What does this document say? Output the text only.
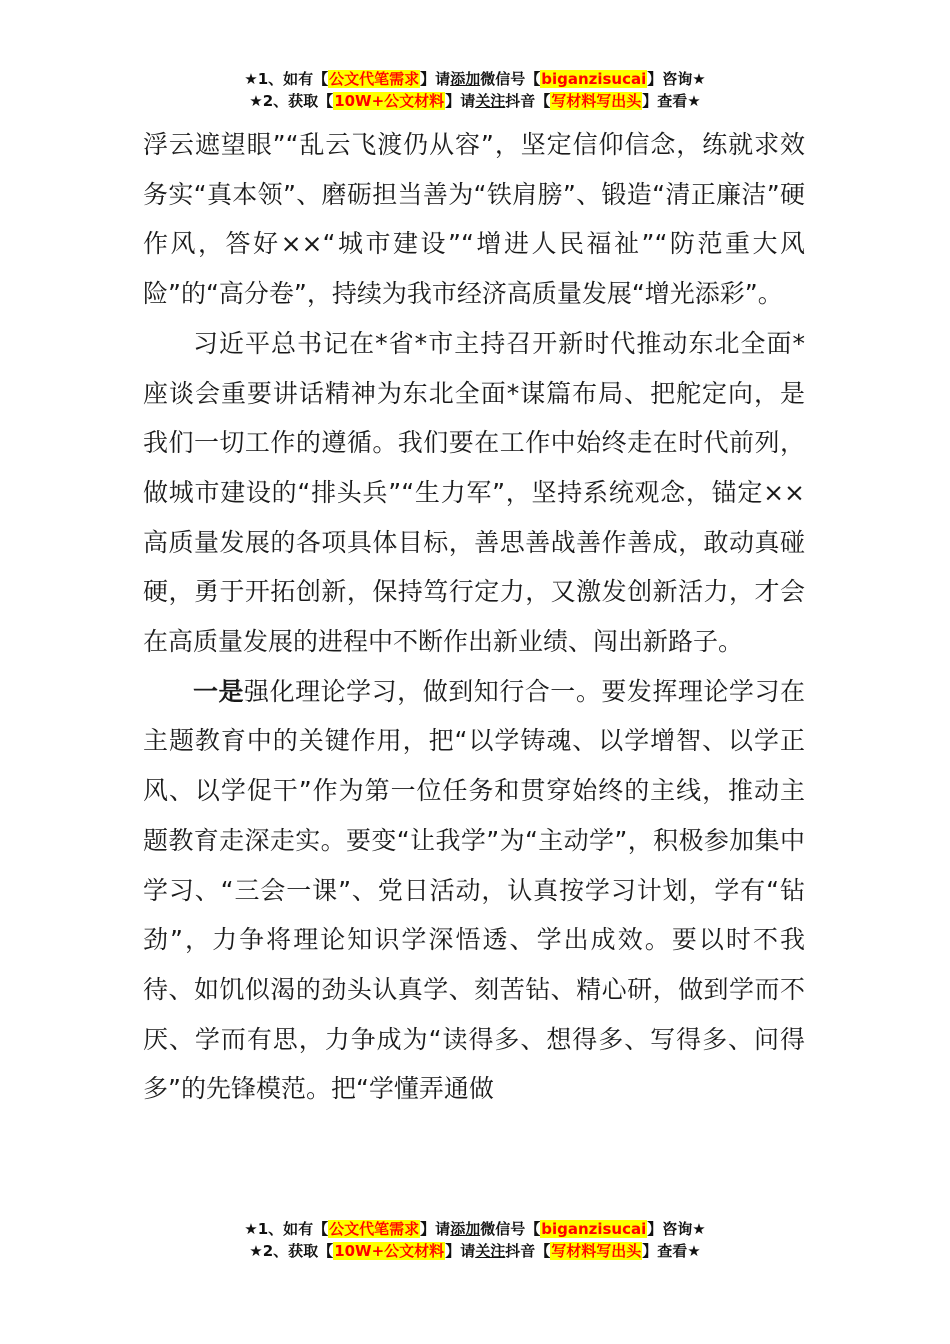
★1、如有【公文代笔需求】请添加微信号【biganzisucai】咨询★
★2、获取【10W+公文材料】请关注抖音【写材料写出头】查看★

浮云遮望眼”“乱云飞渡仍从容”，坚定信仰信念，练就求效务实“真本领”、磨砺担当善为“铁肩膀”、锻造“清正廉洁”硬作风，答好××“城市建设”“增进人民福祉”“防范重大风险”的“高分卷”，持续为我市经济高质量发展“增光添彩”。

习近平总书记在*省*市主持召开新时代推动东北全面*座谈会重要讲话精神为东北全面*谋篇布局、把舵定向，是我们一切工作的遵循。我们要在工作中始终走在时代前列，做城市建设的“排头兵”“生力军”，坚持系统观念，锚定××高质量发展的各项具体目标，善思善战善作善成，敢动真碰硬，勇于开拓创新，保持笃行定力，又激发创新活力，才会在高质量发展的进程中不断作出新业绩、闯出新路子。

一是强化理论学习，做到知行合一。要发挥理论学习在主题教育中的关键作用，把“以学铸魂、以学增智、以学正风、以学促干”作为第一位任务和贯穿始终的主线，推动主题教育走深走实。要变“让我学”为“主动学”，积极参加集中学习、“三会一课”、党日活动，认真按学习计划，学有“钻劲”，力争将理论知识学深悟透、学出成效。要以时不我待、如饥似渴的劲头认真学、刻苦钻、精心研，做到学而不厌、学而有思，力争成为“读得多、想得多、写得多、问得多”的先锋模范。把“学懂弄通做

★1、如有【公文代笔需求】请添加微信号【biganzisucai】咨询★
★2、获取【10W+公文材料】请关注抖音【写材料写出头】查看★
